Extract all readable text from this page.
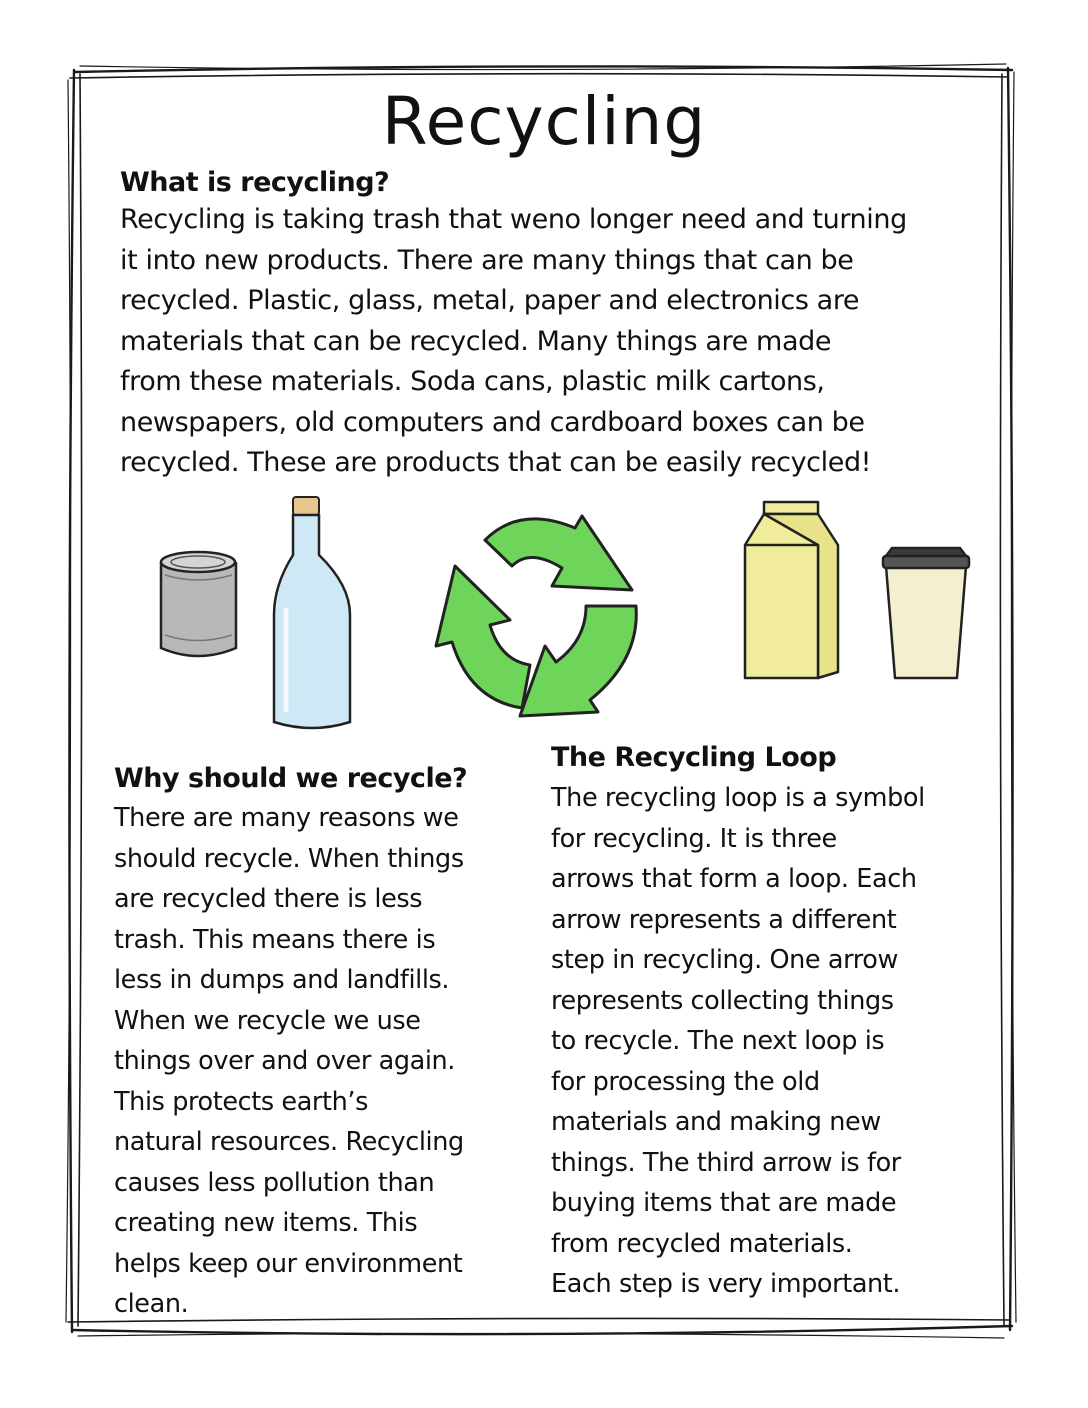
Recycling
What is recycling?
Recycling is taking trash that weno longer need and turning
it into new products. There are many things that can be
recycled. Plastic, glass, metal, paper and electronics are
materials that can be recycled. Many things are made
from these materials. Soda cans, plastic milk cartons,
newspapers, old computers and cardboard boxes can be
recycled. These are products that can be easily recycled!
Why should we recycle?
There are many reasons we
should recycle. When things
are recycled there is less
trash. This means there is
less in dumps and landfills.
When we recycle we use
things over and over again.
This protects earth’s
natural resources. Recycling
causes less pollution than
creating new items. This
helps keep our environment
clean.
The Recycling Loop
The recycling loop is a symbol
for recycling. It is three
arrows that form a loop. Each
arrow represents a different
step in recycling. One arrow
represents collecting things
to recycle. The next loop is
for processing the old
materials and making new
things. The third arrow is for
buying items that are made
from recycled materials.
Each step is very important.
